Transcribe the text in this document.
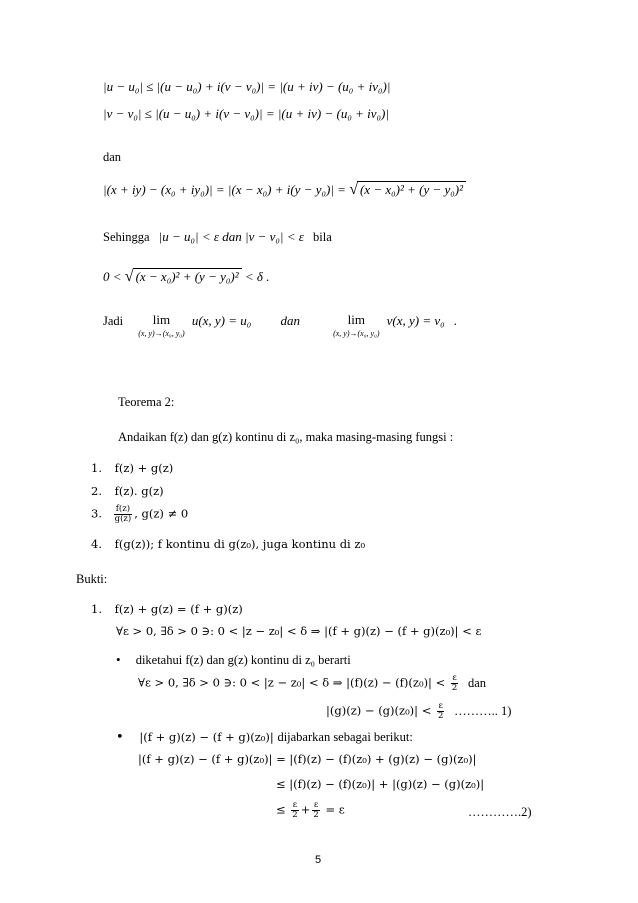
|u − u₀| ≤ |(u − u₀) + i(v − v₀)| = |(u + iv) − (u₀ + iv₀)|
|v − v₀| ≤ |(u − u₀) + i(v − v₀)| = |(u + iv) − (u₀ + iv₀)|
dan
|(x + iy) − (x₀ + iy₀)| = |(x − x₀) + i(y − y₀)| = √ (x − x₀)² + (y − y₀)²
Sehingga |u − u₀| < ε dan |v − v₀| < ε bila
0 < √ (x − x₀)² + (y − y₀)² < δ .
Jadi lim
(x, y)→(x₀, y₀)
u(x, y) = u₀ dan	lim
(x, y)→(x₀, y₀)
v(x, y) = v₀ .
Teorema 2:
Andaikan f(z) dan g(z) kontinu di z₀, maka masing-masing fungsi :
1. f(z) + g(z)
2. f(z). g(z)
3. $\frac{f(z)}{g(z)}$ , g(z) ≠ 0
4. f(g(z)); f kontinu di g(z₀), juga kontinu di z₀
Bukti:
1. f(z) + g(z) = (f + g)(z)
∀ε > 0, ∃δ > 0 ∋: 0 < |z − z₀| < δ ⇒ |(f + g)(z) − (f + g)(z₀)| < ε
• diketahui f(z) dan g(z) kontinu di z₀ berarti
∀ε > 0, ∃δ > 0 ∋: 0 < |z − z₀| < δ ⇒ $|(f)(z) - (f)(z_0)| < \frac{\varepsilon}{2}$ dan
$|(g)(z) - (g)(z_0)| < \frac{\varepsilon}{2}$ ……….. 1)
• |(f + g)(z) − (f + g)(z₀)| dijabarkan sebagai berikut:
|(f + g)(z) − (f + g)(z₀)| = |(f)(z) − (f)(z₀) + (g)(z) − (g)(z₀)|
≤ |(f)(z) − (f)(z₀)| + |(g)(z) − (g)(z₀)|
≤ $\frac{\varepsilon}{2} + \frac{\varepsilon}{2} = \varepsilon$	………….2)
5
